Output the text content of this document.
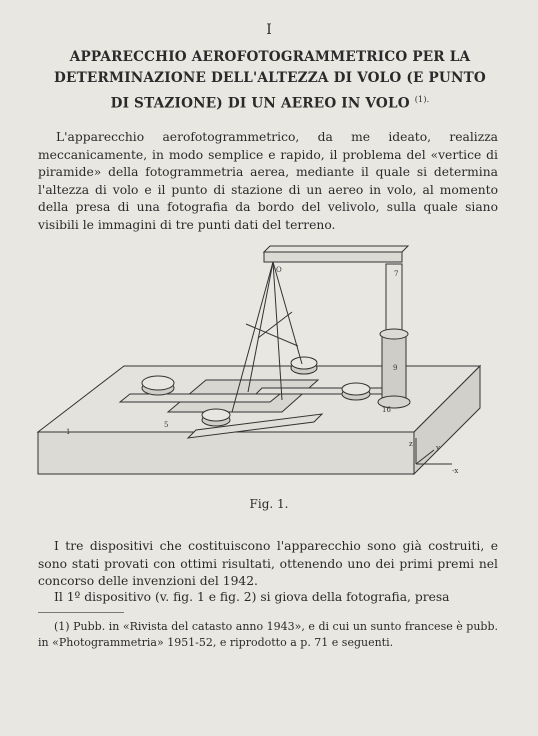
I
APPARECCHIO AEROFOTOGRAMMETRICO PER LA DETERMINAZIONE DELL'ALTEZZA DI VOLO (E PUNTO DI STAZIONE) DI UN AEREO IN VOLO $^{(1).}$
L'apparecchio aerofotogrammetrico, da me ideato, realizza meccanicamente, in modo semplice e rapido, il problema del «vertice di piramide» della fotogrammetria aerea, mediante il quale si determina l'altezza di volo e il punto di stazione di un aereo in volo, al momento della presa di una fotografia da bordo del velivolo, sulla quale siano visibili le immagini di tre punti dati del terreno.
O	7
9
1
5
16
z
-x
y
Fig. 1.
I tre dispositivi che costituiscono l'apparecchio sono già costruiti, e sono stati provati con ottimi risultati, ottenendo uno dei primi premi nel concorso delle invenzioni del 1942.
Il 1º dispositivo (v. fig. 1 e fig. 2) si giova della fotografia, presa
(1) Pubb. in «Rivista del catasto anno 1943», e di cui un sunto francese è pubb. in «Photogrammetria» 1951-52, e riprodotto a p. 71 e seguenti.
